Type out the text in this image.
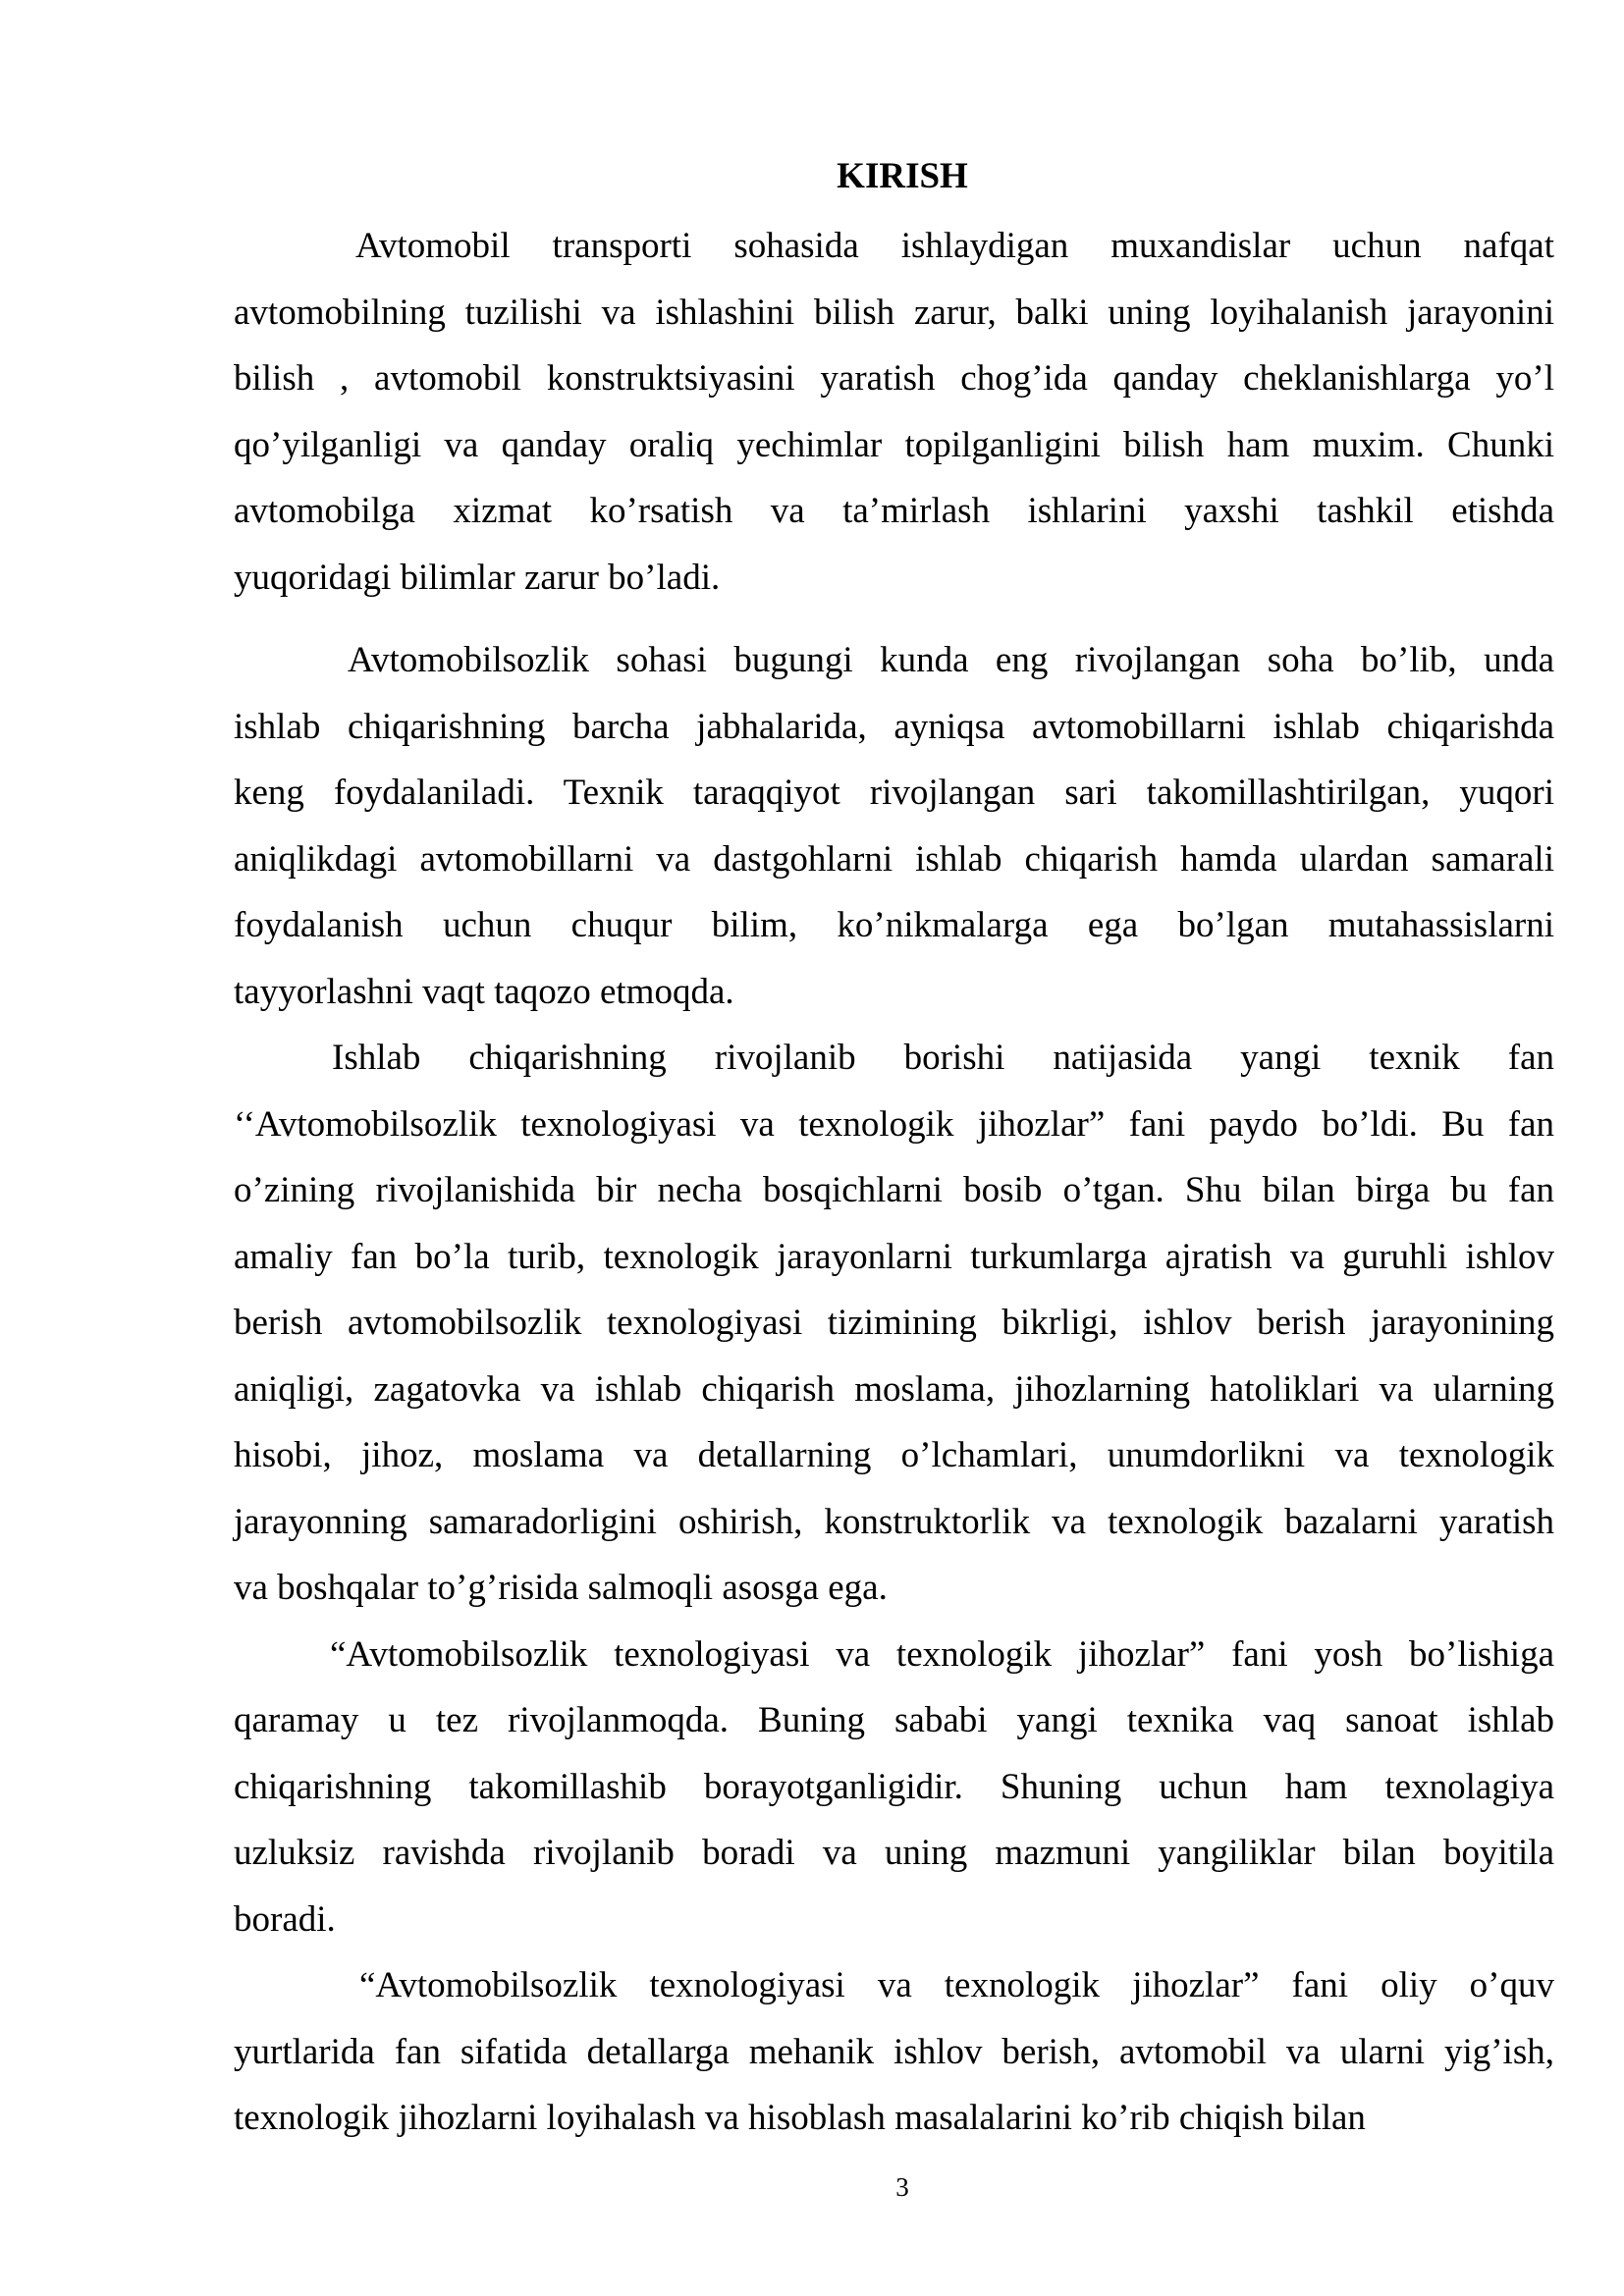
KIRISH
Avtomobil transporti sohasida ishlaydigan muxandislar uchun nafqat
avtomobilning tuzilishi va ishlashini bilish zarur, balki uning loyihalanish jarayonini
bilish , avtomobil konstruktsiyasini yaratish chog’ida qanday cheklanishlarga yo’l
qo’yilganligi va qanday oraliq yechimlar topilganligini bilish ham muxim. Chunki
avtomobilga xizmat ko’rsatish va ta’mirlash ishlarini yaxshi tashkil etishda
yuqoridagi bilimlar zarur bo’ladi.
Avtomobilsozlik sohasi bugungi kunda eng rivojlangan soha bo’lib, unda
ishlab chiqarishning barcha jabhalarida, ayniqsa avtomobillarni ishlab chiqarishda
keng foydalaniladi. Texnik taraqqiyot rivojlangan sari takomillashtirilgan, yuqori
aniqlikdagi avtomobillarni va dastgohlarni ishlab chiqarish hamda ulardan samarali
foydalanish uchun chuqur bilim, ko’nikmalarga ega bo’lgan mutahassislarni
tayyorlashni vaqt taqozo etmoqda.
Ishlab chiqarishning rivojlanib borishi natijasida yangi texnik fan
‘‘Avtomobilsozlik texnologiyasi va texnologik jihozlar” fani paydo bo’ldi. Bu fan
o’zining rivojlanishida bir necha bosqichlarni bosib o’tgan. Shu bilan birga bu fan
amaliy fan bo’la turib, texnologik jarayonlarni turkumlarga ajratish va guruhli ishlov
berish avtomobilsozlik texnologiyasi tizimining bikrligi, ishlov berish jarayonining
aniqligi, zagatovka va ishlab chiqarish moslama, jihozlarning hatoliklari va ularning
hisobi, jihoz, moslama va detallarning o’lchamlari, unumdorlikni va texnologik
jarayonning samaradorligini oshirish, konstruktorlik va texnologik bazalarni yaratish
va boshqalar to’g’risida salmoqli asosga ega.
“Avtomobilsozlik texnologiyasi va texnologik jihozlar” fani yosh bo’lishiga
qaramay u tez rivojlanmoqda. Buning sababi yangi texnika vaq sanoat ishlab
chiqarishning takomillashib borayotganligidir. Shuning uchun ham texnolagiya
uzluksiz ravishda rivojlanib boradi va uning mazmuni yangiliklar bilan boyitila
boradi.
“Avtomobilsozlik texnologiyasi va texnologik jihozlar” fani oliy o’quv
yurtlarida fan sifatida detallarga mehanik ishlov berish, avtomobil va ularni yig’ish,
texnologik jihozlarni loyihalash va hisoblash masalalarini ko’rib chiqish bilan
3
